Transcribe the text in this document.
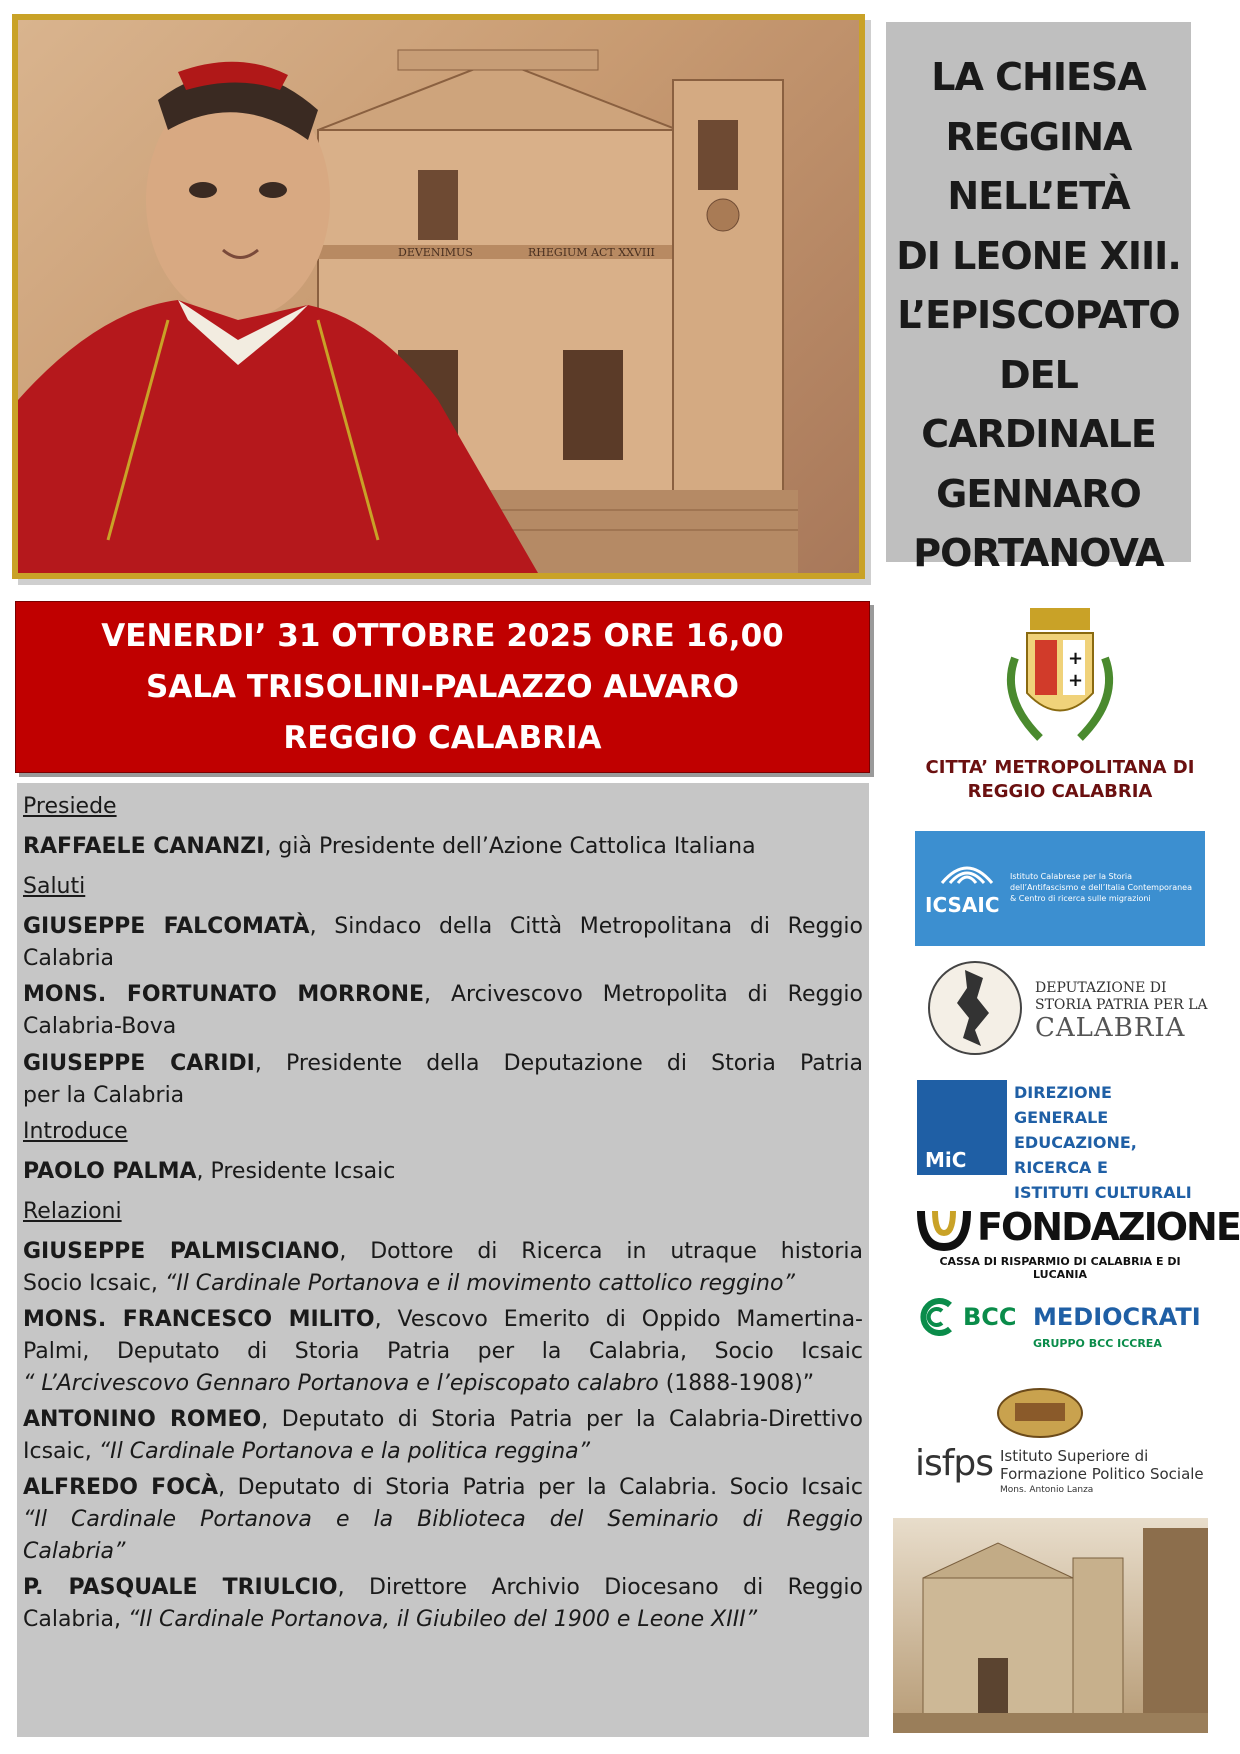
DEVENIMUS	RHEGIUM ACT XXVIII
LA CHIESA
REGGINA
NELL’ETÀ
DI LEONE XIII.
L’EPISCOPATO
DEL CARDINALE
GENNARO
PORTANOVA
VENERDI’ 31 OTTOBRE 2025 ORE 16,00
SALA TRISOLINI-PALAZZO ALVARO
REGGIO CALABRIA
Presiede
RAFFAELE CANANZI, già Presidente dell’Azione Cattolica Italiana
Saluti
GIUSEPPE FALCOMATÀ, Sindaco della Città Metropolitana di Reggio
Calabria
MONS. FORTUNATO MORRONE, Arcivescovo Metropolita di Reggio
Calabria-Bova
GIUSEPPE CARIDI, Presidente della Deputazione di Storia Patria
per la Calabria
Introduce
PAOLO PALMA, Presidente Icsaic
Relazioni
GIUSEPPE PALMISCIANO, Dottore di Ricerca in utraque historia
Socio Icsaic, “Il Cardinale Portanova e il movimento cattolico reggino”
MONS. FRANCESCO MILITO, Vescovo Emerito di Oppido Mamertina-
Palmi, Deputato di Storia Patria per la Calabria, Socio Icsaic
“ L’Arcivescovo Gennaro Portanova e l’episcopato calabro (1888-1908)”
ANTONINO ROMEO, Deputato di Storia Patria per la Calabria-Direttivo
Icsaic, “Il Cardinale Portanova e la politica reggina”
ALFREDO FOCÀ, Deputato di Storia Patria per la Calabria. Socio Icsaic
“Il Cardinale Portanova e la Biblioteca del Seminario di Reggio
Calabria”
P. PASQUALE TRIULCIO, Direttore Archivio Diocesano di Reggio
Calabria, “Il Cardinale Portanova, il Giubileo del 1900 e Leone XIII”
+
+
CITTA’ METROPOLITANA DI
REGGIO CALABRIA
ICSAIC
Istituto Calabrese per la Storia dell’Antifascismo e dell’Italia Contemporanea & Centro di ricerca sulle migrazioni
DEPUTAZIONE DI
STORIA PATRIA PER LA
CALABRIA
MiC
DIREZIONE GENERALE
EDUCAZIONE,
RICERCA E
ISTITUTI CULTURALI
FONDAZIONE
CASSA DI RISPARMIO DI CALABRIA E DI LUCANIA
BCC MEDIOCRATI
GRUPPO BCC ICCREA
isfps Istituto Superiore di
Formazione Politico Sociale
Mons. Antonio Lanza
